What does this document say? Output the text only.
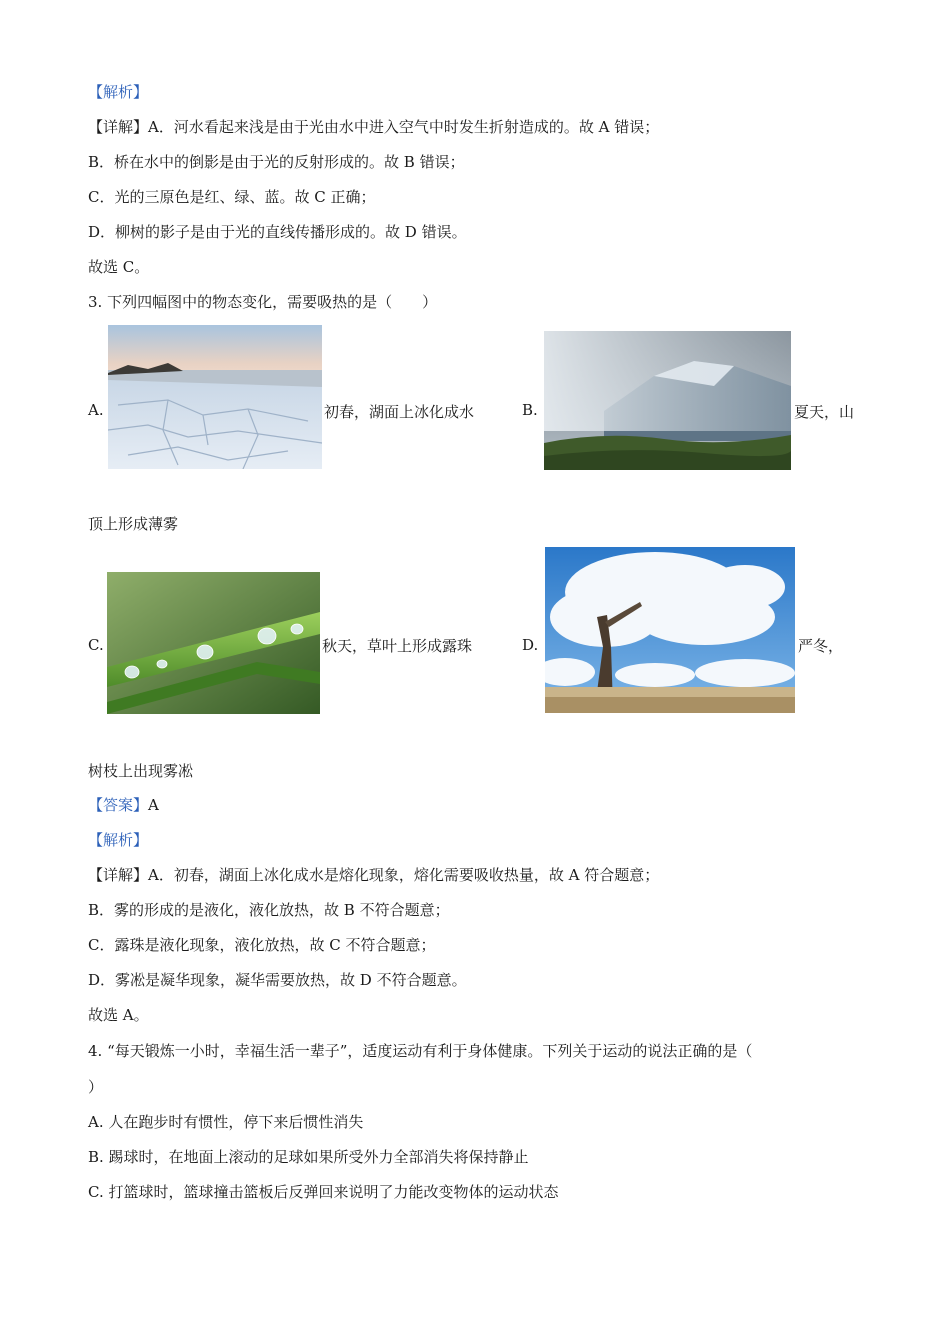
【解析】
【详解】A．河水看起来浅是由于光由水中进入空气中时发生折射造成的。故 A 错误；
B．桥在水中的倒影是由于光的反射形成的。故 B 错误；
C．光的三原色是红、绿、蓝。故 C 正确；
D．柳树的影子是由于光的直线传播形成的。故 D 错误。
故选 C。
3. 下列四幅图中的物态变化，需要吸热的是（　　）
A.	初春，湖面上冰化成水	B.	夏天，山
顶上形成薄雾
C.	秋天，草叶上形成露珠	D.	严冬，
树枝上出现雾凇
【答案】A
【解析】
【详解】A．初春，湖面上冰化成水是熔化现象，熔化需要吸收热量，故 A 符合题意；
B．雾的形成的是液化，液化放热，故 B 不符合题意；
C．露珠是液化现象，液化放热，故 C 不符合题意；
D．雾凇是凝华现象，凝华需要放热，故 D 不符合题意。
故选 A。
4. “每天锻炼一小时，幸福生活一辈子”，适度运动有利于身体健康。下列关于运动的说法正确的是（
）
A. 人在跑步时有惯性，停下来后惯性消失
B. 踢球时，在地面上滚动的足球如果所受外力全部消失将保持静止
C. 打篮球时，篮球撞击篮板后反弹回来说明了力能改变物体的运动状态
